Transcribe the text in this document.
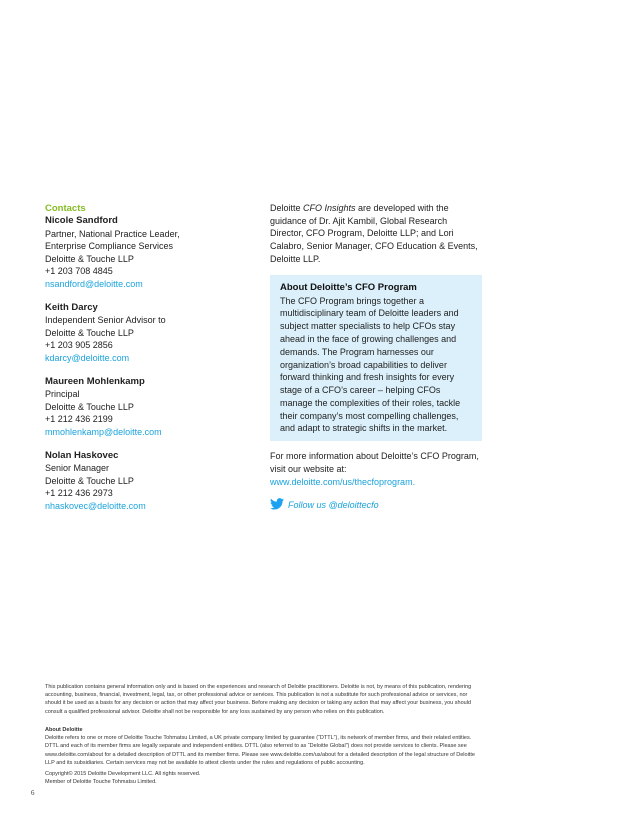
Contacts
Nicole Sandford
Partner, National Practice Leader,
Enterprise Compliance Services
Deloitte & Touche LLP
+1 203 708 4845
nsandford@deloitte.com
Keith Darcy
Independent Senior Advisor to
Deloitte & Touche LLP
+1 203 905 2856
kdarcy@deloitte.com
Maureen Mohlenkamp
Principal
Deloitte & Touche LLP
+1 212 436 2199
mmohlenkamp@deloitte.com
Nolan Haskovec
Senior Manager
Deloitte & Touche LLP
+1 212 436 2973
nhaskovec@deloitte.com
Deloitte CFO Insights are developed with the guidance of Dr. Ajit Kambil, Global Research Director, CFO Program, Deloitte LLP; and Lori Calabro, Senior Manager, CFO Education & Events, Deloitte LLP.
About Deloitte’s CFO Program

The CFO Program brings together a multidisciplinary team of Deloitte leaders and subject matter specialists to help CFOs stay ahead in the face of growing challenges and demands. The Program harnesses our organization’s broad capabilities to deliver forward thinking and fresh insights for every stage of a CFO’s career – helping CFOs manage the complexities of their roles, tackle their company’s most compelling challenges, and adapt to strategic shifts in the market.

For more information about Deloitte’s CFO Program, visit our website at: www.deloitte.com/us/thecfoprogram.
Follow us @deloittecfo
This publication contains general information only and is based on the experiences and research of Deloitte practitioners. Deloitte is not, by means of this publication, rendering accounting, business, financial, investment, legal, tax, or other professional advice or services. This publication is not a substitute for such professional advice or services, nor should it be used as a basis for any decision or action that may affect your business. Before making any decision or taking any action that may affect your business, you should consult a qualified professional advisor. Deloitte shall not be responsible for any loss sustained by any person who relies on this publication.
About Deloitte
Deloitte refers to one or more of Deloitte Touche Tohmatsu Limited, a UK private company limited by guarantee (“DTTL”), its network of member firms, and their related entities. DTTL and each of its member firms are legally separate and independent entities. DTTL (also referred to as “Deloitte Global”) does not provide services to clients. Please see www.deloitte.com/about for a detailed description of DTTL and its member firms. Please see www.deloitte.com/us/about for a detailed description of the legal structure of Deloitte LLP and its subsidiaries. Certain services may not be available to attest clients under the rules and regulations of public accounting.
Copyright© 2015 Deloitte Development LLC. All rights reserved.
Member of Deloitte Touche Tohmatsu Limited.
6
